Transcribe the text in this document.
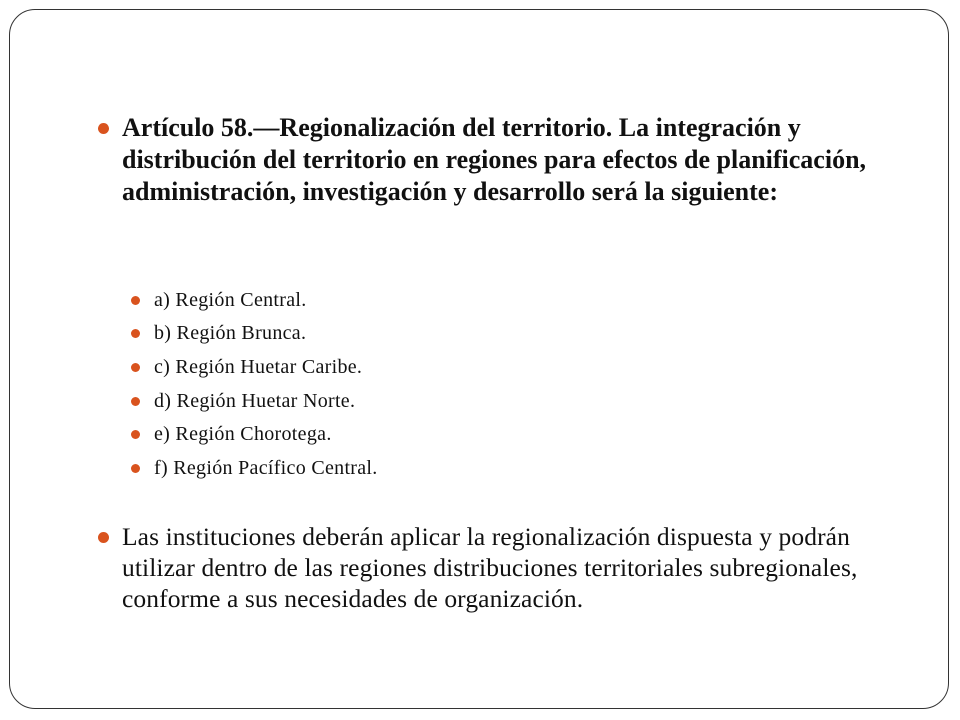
Artículo 58.—Regionalización del territorio. La integración y distribución del territorio en regiones para efectos de planificación, administración, investigación y desarrollo será la siguiente:

a) Región Central.
b) Región Brunca.
c) Región Huetar Caribe.
d) Región Huetar Norte.
e) Región Chorotega.
f) Región Pacífico Central.

Las instituciones deberán aplicar la regionalización dispuesta y podrán utilizar dentro de las regiones distribuciones territoriales subregionales, conforme a sus necesidades de organización.
